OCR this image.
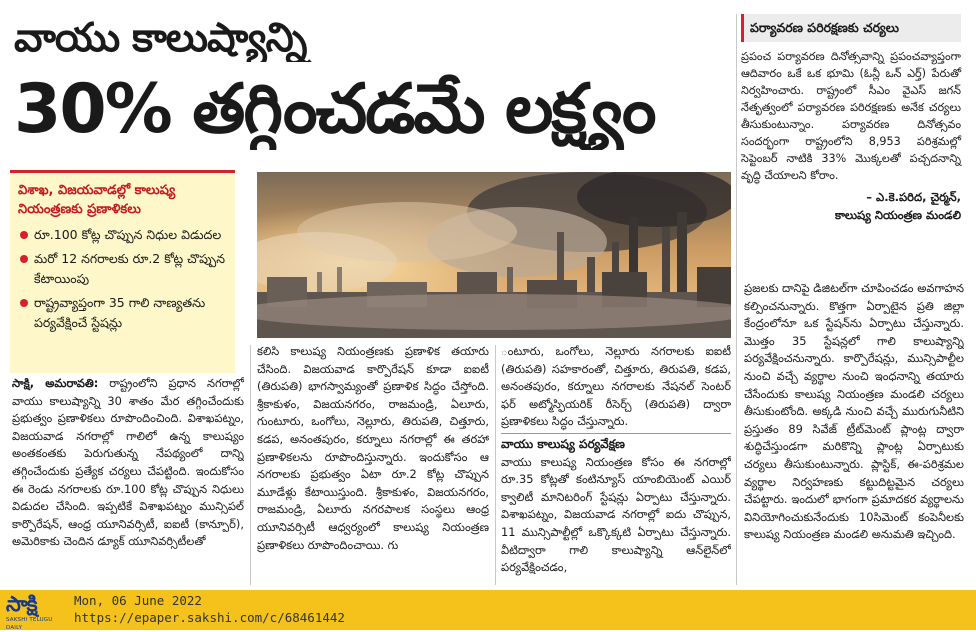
వాయు కాలుష్యాన్ని
30% తగ్గించడమే లక్ష్యం
విశాఖ, విజయవాడల్లో కాలుష్య నియంత్రణకు ప్రణాళికలు
రూ.100 కోట్ల చొప్పున నిధుల విడుదల
మరో 12 నగరాలకు రూ.2 కోట్ల చొప్పున కేటాయింపు
రాష్ట్రవ్యాప్తంగా 35 గాలి నాణ్యతను పర్యవేక్షించే స్టేషన్లు
సాక్షి, అమరావతి: రాష్ట్రంలోని ప్రధాన నగరాల్లో వాయు కాలుష్యాన్ని 30 శాతం మేర తగ్గించేందుకు ప్రభుత్వం ప్రణాళికలు రూపొందించింది. విశాఖపట్నం, విజయవాడ నగరాల్లో గాలిలో ఉన్న కాలుష్యం అంతకంతకు పెరుగుతున్న నేపథ్యంలో దాన్ని తగ్గించేందుకు ప్రత్యేక చర్యలు చేపట్టింది. ఇందుకోసం ఈ రెండు నగరాలకు రూ.100 కోట్ల చొప్పున నిధులు విడుదల చేసింది. ఇప్పటికే విశాఖపట్నం మున్సిపల్ కార్పొరేషన్, ఆంధ్ర యూనివర్సిటీ, ఐఐటీ (కాన్పూర్), అమెరికాకు చెందిన డ్యూక్ యూనివర్సిటీలతో
కలిసి కాలుష్య నియంత్రణకు ప్రణాళిక తయారు చేసింది. విజయవాడ కార్పొరేషన్ కూడా ఐఐటీ (తిరుపతి) భాగస్వామ్యంతో ప్రణాళిక సిద్ధం చేస్తోంది. శ్రీకాకుళం, విజయనగరం, రాజమండ్రి, ఏలూరు, గుంటూరు, ఒంగోలు, నెల్లూరు, తిరుపతి, చిత్తూరు, కడప, అనంతపురం, కర్నూలు నగరాల్లో ఈ తరహా ప్రణాళికలను రూపొందిస్తున్నారు. ఇందుకోసం ఆ నగరాలకు ప్రభుత్వం ఏటా రూ.2 కోట్ల చొప్పున మూడేళ్లు కేటాయిస్తుంది. శ్రీకాకుళం, విజయనగరం, రాజమండ్రి, ఏలూరు నగరపాలక సంస్థలు ఆంధ్ర యూనివర్సిటీ ఆధ్వర్యంలో కాలుష్య నియంత్రణ ప్రణాళికలు రూపొందించాయి. గు
ంటూరు, ఒంగోలు, నెల్లూరు నగరాలకు ఐఐటీ (తిరుపతి) సహకారంతో, చిత్తూరు, తిరుపతి, కడప, అనంతపురం, కర్నూలు నగరాలకు నేషనల్ సెంటర్ ఫర్ అట్మోస్ఫియరిక్ రీసెర్చ్ (తిరుపతి) ద్వారా ప్రణాళికలు సిద్ధం చేస్తున్నారు.
వాయు కాలుష్య పర్యవేక్షణ
వాయు కాలుష్య నియంత్రణ కోసం ఈ నగరాల్లో రూ.35 కోట్లతో కంటిన్యూస్ యాంబియెంట్ ఎయిర్ క్వాలిటీ మానిటరింగ్ స్టేషన్లు ఏర్పాటు చేస్తున్నారు. విశాఖపట్నం, విజయవాడ నగరాల్లో ఐదు చొప్పున, 11 మున్సిపాల్టీల్లో ఒక్కొక్కటి ఏర్పాటు చేస్తున్నారు. వీటిద్వారా గాలి కాలుష్యాన్ని ఆన్‌లైన్‌లో పర్యవేక్షించడం,
పర్యావరణ పరిరక్షణకు చర్యలు
ప్రపంచ పర్యావరణ దినోత్సవాన్ని ప్రపంచవ్యాప్తంగా ఆదివారం ఒకే ఒక భూమి (ఓన్లీ ఒన్ ఎర్త్) పేరుతో నిర్వహించారు. రాష్ట్రంలో సీఎం వైఎస్ జగన్ నేతృత్వంలో పర్యావరణ పరిరక్షణకు అనేక చర్యలు తీసుకుంటున్నాం. పర్యావరణ దినోత్సవం సందర్భంగా రాష్ట్రంలోని 8,953 పరిశ్రమల్లో సెప్టెంబర్ నాటికి 33% మొక్కలతో పచ్చదనాన్ని వృద్ధి చేయాలని కోరాం.
– ఎ.కె.పరిద, చైర్మన్,
కాలుష్య నియంత్రణ మండలి
ప్రజలకు దానిపై డిజిటల్‌గా చూపించడం అవగాహన కల్పించనున్నారు. కొత్తగా ఏర్పాటైన ప్రతి జిల్లా కేంద్రంలోనూ ఒక స్టేషన్‌ను ఏర్పాటు చేస్తున్నారు. మొత్తం 35 స్టేషన్లలో గాలి కాలుష్యాన్ని పర్యవేక్షించనున్నారు. కార్పొరేషన్లు, మున్సిపాల్టీల నుంచి వచ్చే వ్యర్థాల నుంచి ఇంధనాన్ని తయారు చేసేందుకు కాలుష్య నియంత్రణ మండలి చర్యలు తీసుకుంటోంది. అక్కడి నుంచి వచ్చే మురుగునీటిని ప్రస్తుతం 89 సివేజ్ ట్రీట్‌మెంట్ ప్లాంట్ల ద్వారా శుద్ధిచేస్తుండగా మరికొన్ని ప్లాంట్ల ఏర్పాటుకు చర్యలు తీసుకుంటున్నారు. ప్లాస్టిక్, ఈ-పరిశ్రమల వ్యర్థాల నిర్వహణకు కట్టుదిట్టమైన చర్యలు చేపట్టారు. ఇందులో భాగంగా ప్రమాదకర వ్యర్థాలను వినియోగించుకునేందుకు 10సిమెంట్ కంపెనీలకు కాలుష్య నియంత్రణ మండలి అనుమతి ఇచ్చింది.
సాక్షి
SAKSHI TELUGU DAILY
Mon, 06 June 2022
https://epaper.sakshi.com/c/68461442
